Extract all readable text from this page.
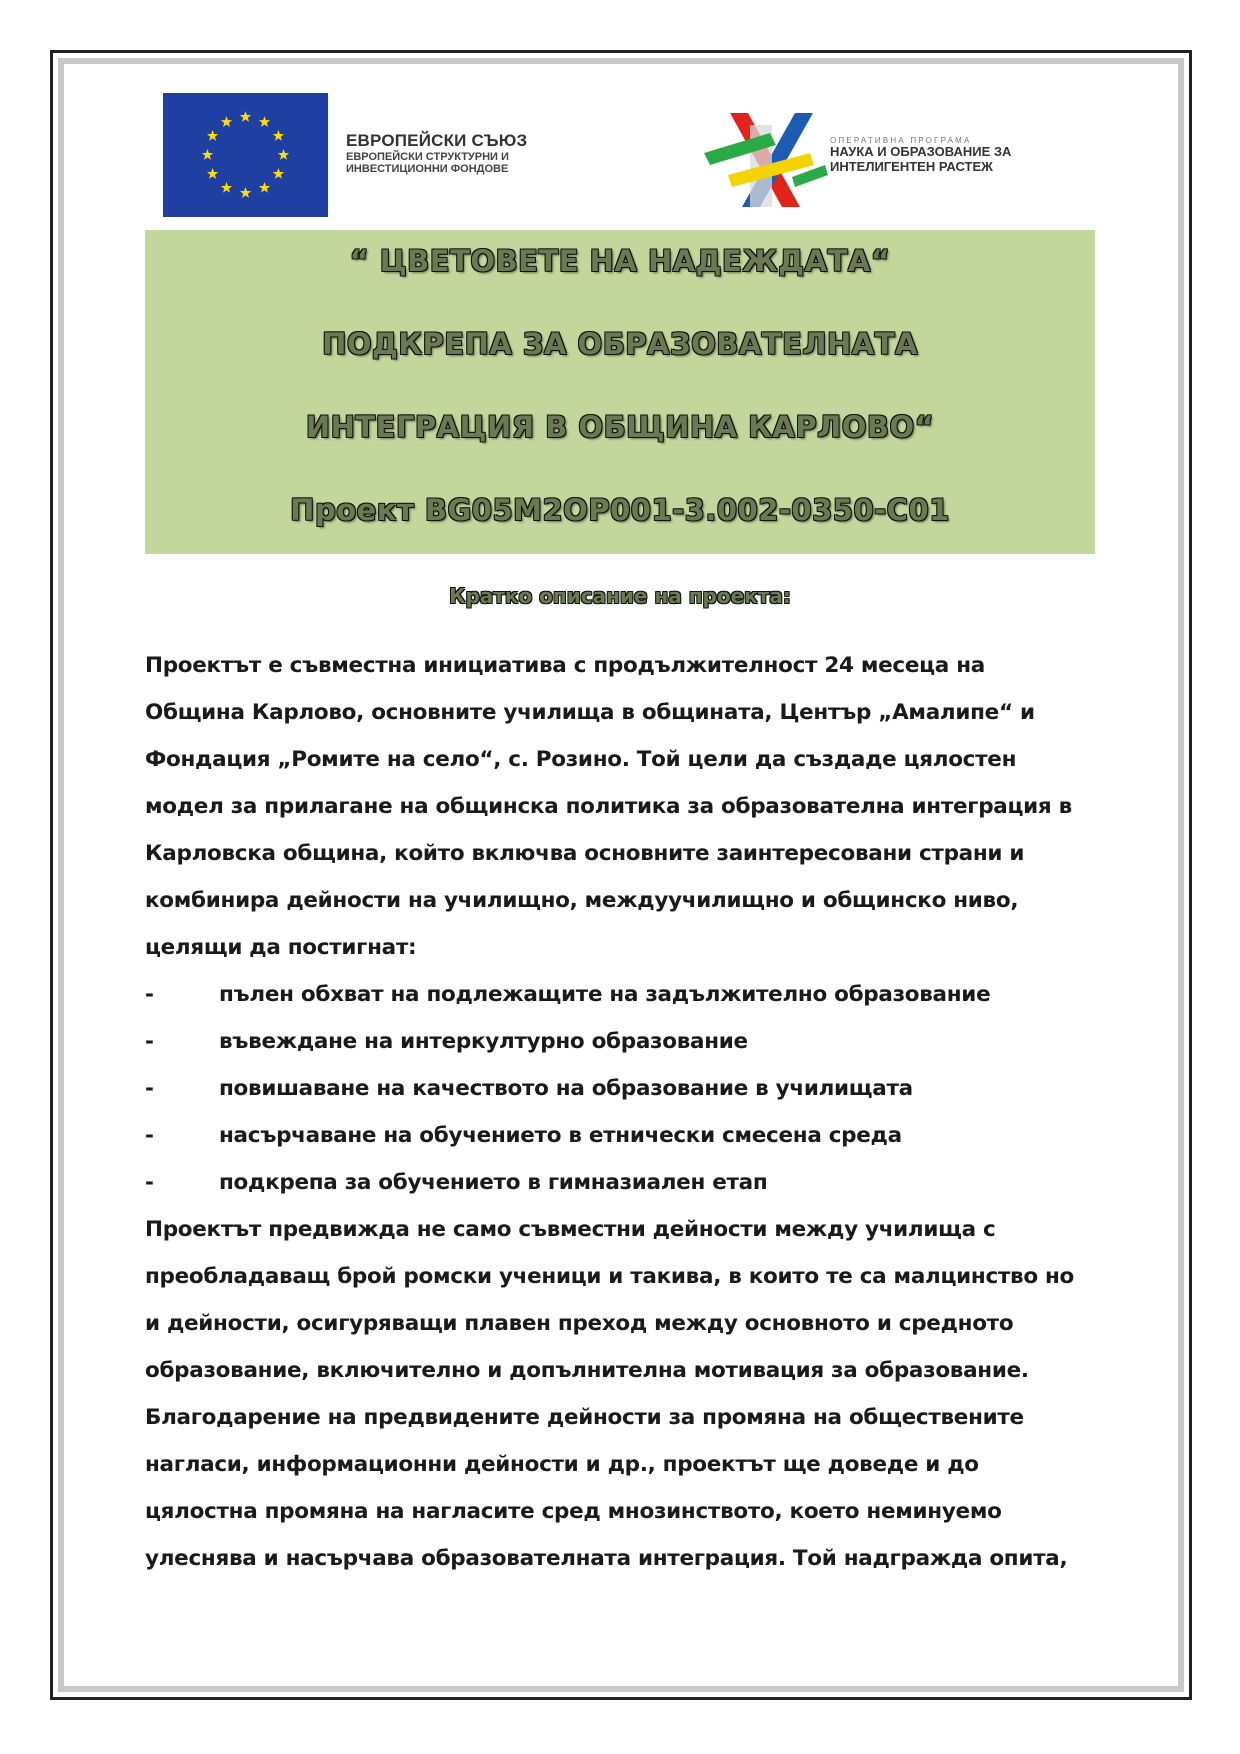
ЕВРОПЕЙСКИ СЪЮЗ
ЕВРОПЕЙСКИ СТРУКТУРНИ И
ИНВЕСТИЦИОННИ ФОНДОВЕ
ОПЕРАТИВНА ПРОГРАМА
НАУКА И ОБРАЗОВАНИЕ ЗА
ИНТЕЛИГЕНТЕН РАСТЕЖ
“ ЦВЕТОВЕТЕ НА НАДЕЖДАТА“
ПОДКРЕПА ЗА ОБРАЗОВАТЕЛНАТА
ИНТЕГРАЦИЯ В ОБЩИНА КАРЛОВО“
Проект BG05M2OP001-3.002-0350-C01
Кратко описание на проекта:

Проектът е съвместна инициатива с продължителност 24 месеца на

Община Карлово, основните училища в общината, Център „Амалипе“ и

Фондация „Ромите на село“, с. Розино. Той цели да създаде цялостен

модел за прилагане на общинска политика за образователна интеграция в

Карловска община, който включва основните заинтересовани страни и

комбинира дейности на училищно, междуучилищно и общинско ниво,

целящи да постигнат:

-	пълен обхват на подлежащите на задължително образование
-	въвеждане на интеркултурно образование
-	повишаване на качеството на образование в училищата
-	насърчаване на обучението в етнически смесена среда
-	подкрепа за обучението в гимназиален етап

Проектът предвижда не само съвместни дейности между училища с

преобладаващ брой ромски ученици и такива, в които те са малцинство но

и дейности, осигуряващи плавен преход между основното и средното

образование, включително и допълнителна мотивация за образование.

Благодарение на предвидените дейности за промяна на обществените

нагласи, информационни дейности и др., проектът ще доведе и до

цялостна промяна на нагласите сред мнозинството, което неминуемо

улеснява и насърчава образователната интеграция. Той надгражда опита,
